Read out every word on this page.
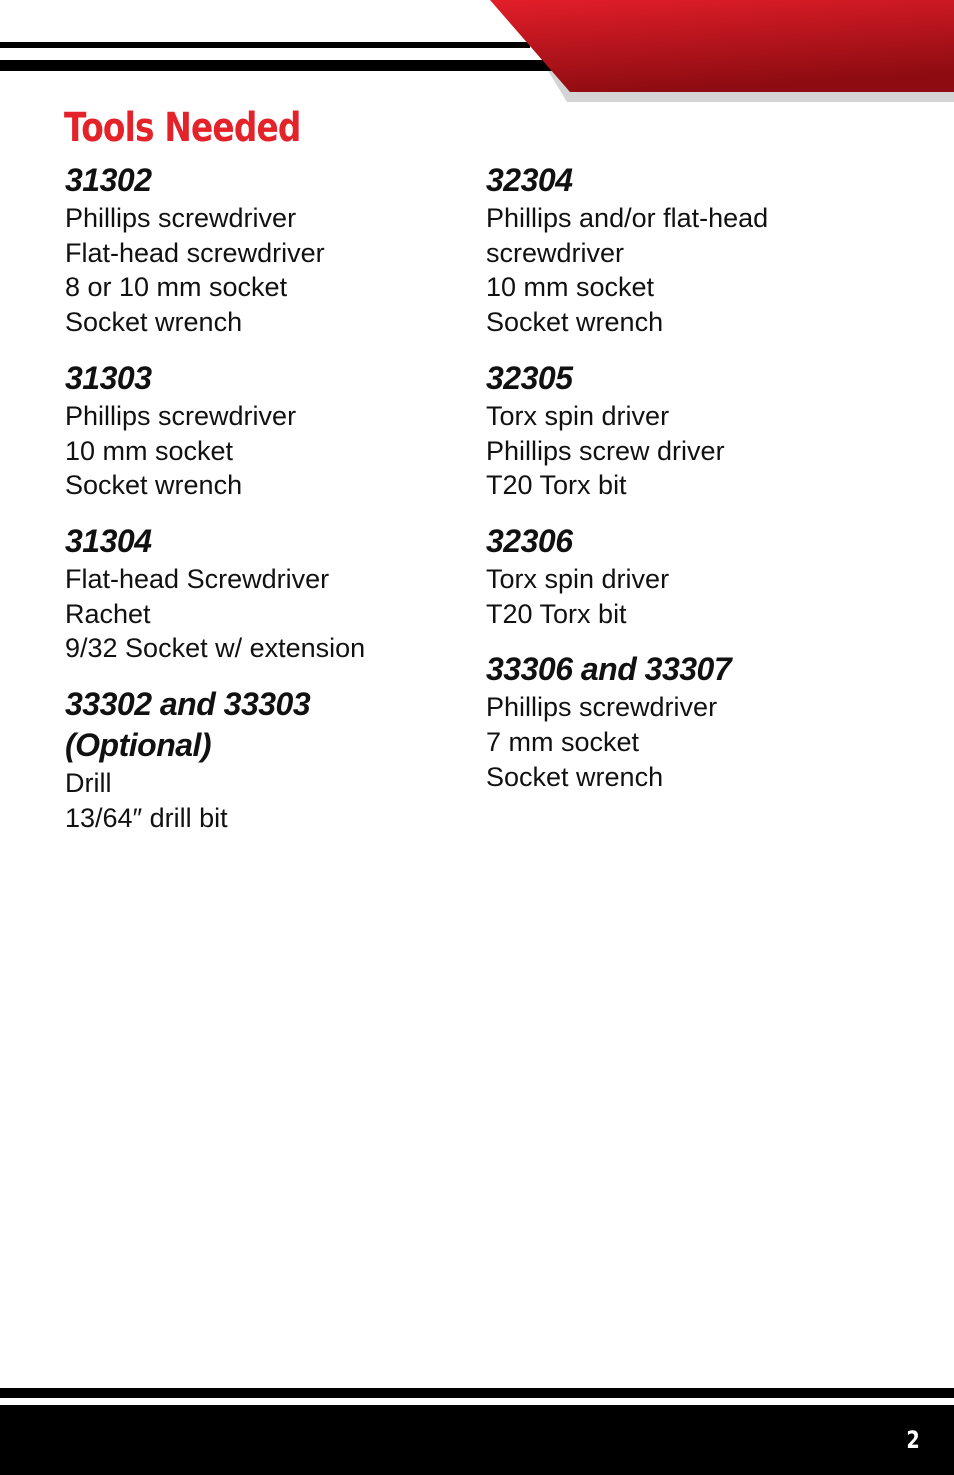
Tools Needed
31302
Phillips screwdriver
Flat-head screwdriver
8 or 10 mm socket
Socket wrench
31303
Phillips screwdriver
10 mm socket
Socket wrench
31304
Flat-head Screwdriver
Rachet
9/32 Socket w/ extension
33302 and 33303 (Optional)
Drill
13/64″ drill bit
32304
Phillips and/or flat-head screwdriver
10 mm socket
Socket wrench
32305
Torx spin driver
Phillips screw driver
T20 Torx bit
32306
Torx spin driver
T20 Torx bit
33306 and 33307
Phillips screwdriver
7 mm socket
Socket wrench
2
